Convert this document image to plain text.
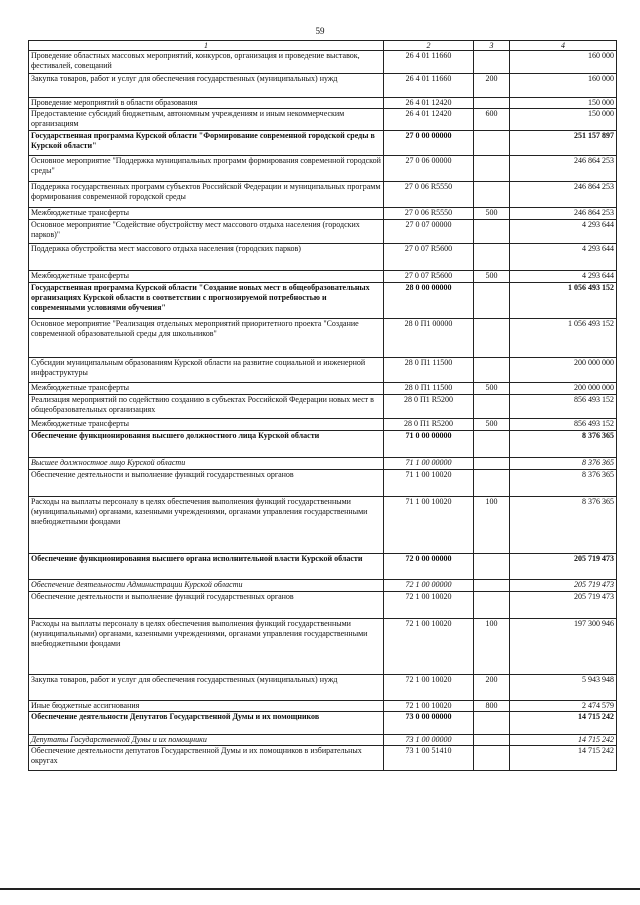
59
1	2	3	4
Проведение областных массовых мероприятий, конкурсов, организация и проведение выставок, фестивалей, совещаний	26 4 01 11660		160 000
Закупка товаров, работ и услуг для обеспечения государственных (муниципальных) нужд	26 4 01 11660	200	160 000
Проведение мероприятий в области образования	26 4 01 12420		150 000
Предоставление субсидий бюджетным, автономным учреждениям и иным некоммерческим организациям	26 4 01 12420	600	150 000
Государственная программа Курской области "Формирование современной городской среды в Курской области"	27 0 00 00000		251 157 897
Основное мероприятие "Поддержка муниципальных программ формирования современной городской среды"	27 0 06 00000		246 864 253
Поддержка государственных программ субъектов Российской Федерации и муниципальных программ формирования современной городской среды	27 0 06 R5550		246 864 253
Межбюджетные трансферты	27 0 06 R5550	500	246 864 253
Основное мероприятие "Содействие обустройству мест массового отдыха населения (городских парков)"	27 0 07 00000		4 293 644
Поддержка обустройства мест массового отдыха населения (городских парков)	27 0 07 R5600		4 293 644
Межбюджетные трансферты	27 0 07 R5600	500	4 293 644
Государственная программа Курской области "Создание новых мест в общеобразовательных организациях Курской области в соответствии с прогнозируемой потребностью и современными условиями обучения"	28 0 00 00000		1 056 493 152
Основное мероприятие "Реализация отдельных мероприятий приоритетного проекта "Создание современной образовательной среды для школьников"	28 0 П1 00000		1 056 493 152
Субсидии муниципальным образованиям Курской области на развитие социальной и инженерной инфраструктуры	28 0 П1 11500		200 000 000
Межбюджетные трансферты	28 0 П1 11500	500	200 000 000
Реализация мероприятий по содействию созданию в субъектах Российской Федерации новых мест в общеобразовательных организациях	28 0 П1 R5200		856 493 152
Межбюджетные трансферты	28 0 П1 R5200	500	856 493 152
Обеспечение функционирования высшего должностного лица Курской области	71 0 00 00000		8 376 365
Высшее должностное лицо Курской области	71 1 00 00000		8 376 365
Обеспечение деятельности и выполнение функций государственных органов	71 1 00 10020		8 376 365
Расходы на выплаты персоналу в целях обеспечения выполнения функций государственными (муниципальными) органами, казенными учреждениями, органами управления государственными внебюджетными фондами	71 1 00 10020	100	8 376 365
Обеспечение функционирования высшего органа исполнительной власти Курской области	72 0 00 00000		205 719 473
Обеспечение деятельности Администрации Курской области	72 1 00 00000		205 719 473
Обеспечение деятельности и выполнение функций государственных органов	72 1 00 10020		205 719 473
Расходы на выплаты персоналу в целях обеспечения выполнения функций государственными (муниципальными) органами, казенными учреждениями, органами управления государственными внебюджетными фондами	72 1 00 10020	100	197 300 946
Закупка товаров, работ и услуг для обеспечения государственных (муниципальных) нужд	72 1 00 10020	200	5 943 948
Иные бюджетные ассигнования	72 1 00 10020	800	2 474 579
Обеспечение деятельности Депутатов Государственной Думы и их помощников	73 0 00 00000		14 715 242
Депутаты Государственной Думы и их помощники	73 1 00 00000		14 715 242
Обеспечение деятельности депутатов Государственной Думы и их помощников в избирательных округах	73 1 00 51410		14 715 242
